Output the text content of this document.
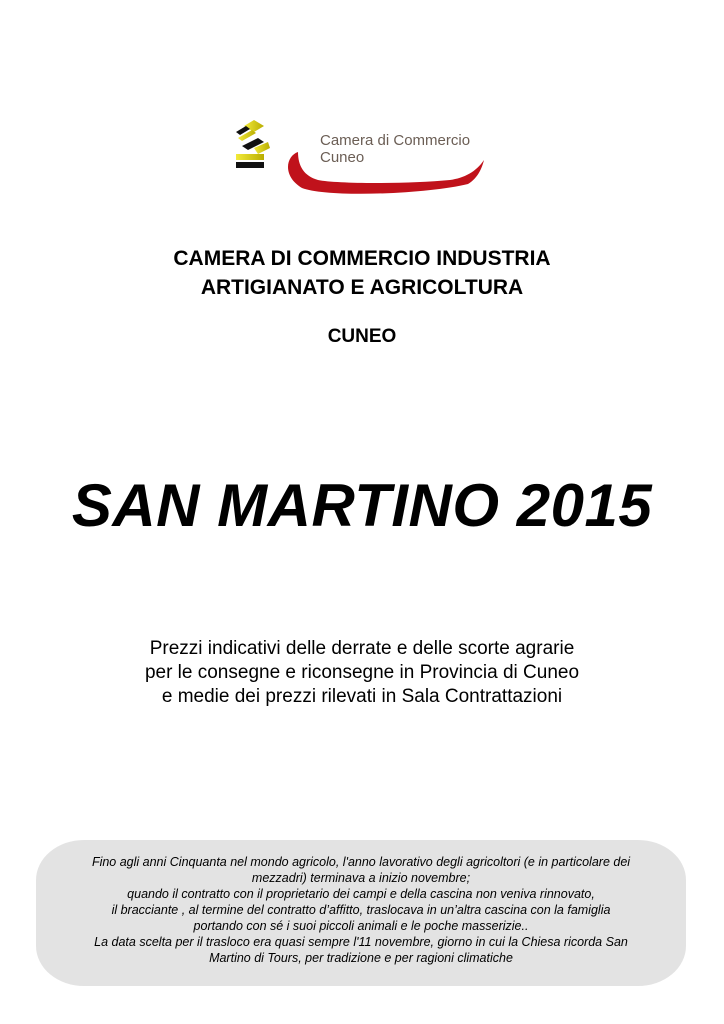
Camera di Commercio
Cuneo
CAMERA DI COMMERCIO INDUSTRIA
ARTIGIANATO E AGRICOLTURA
CUNEO
SAN MARTINO 2015
Prezzi indicativi delle derrate e delle scorte agrarie
per le consegne e riconsegne in Provincia di Cuneo
e medie dei prezzi rilevati in Sala Contrattazioni
Fino agli anni Cinquanta nel mondo agricolo, l'anno lavorativo degli agricoltori (e in particolare dei
mezzadri) terminava a inizio novembre;
quando il contratto con il proprietario dei campi e della cascina non veniva rinnovato,
il bracciante , al termine del contratto d’affitto, traslocava in un’altra cascina con la famiglia
portando con sé i suoi piccoli animali e le poche masserizie..
La data scelta per il trasloco era quasi sempre l'11 novembre, giorno in cui la Chiesa ricorda San
Martino di Tours, per tradizione e per ragioni climatiche
